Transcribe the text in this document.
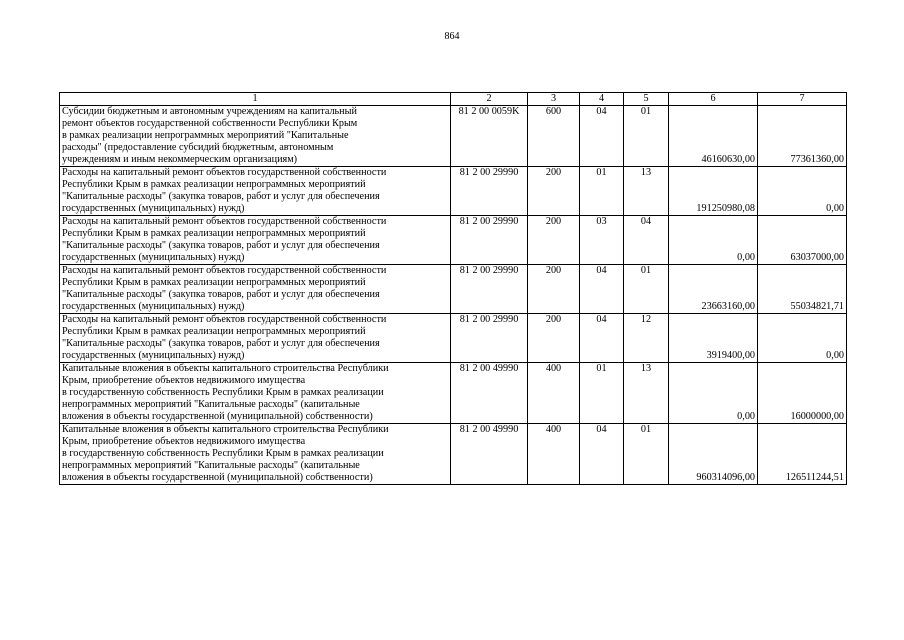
864
1	2	3	4	5	6	7

Субсидии бюджетным и автономным учреждениям на капитальный
ремонт объектов государственной собственности Республики Крым
в рамках реализации непрограммных мероприятий "Капитальные
расходы" (предоставление субсидий бюджетным, автономным
учреждениям и иным некоммерческим организациям)	81 2 00 0059K	600	04	01	46160630,00	77361360,00

Расходы на капитальный ремонт объектов государственной собственности
Республики Крым в рамках реализации непрограммных мероприятий
"Капитальные расходы" (закупка товаров, работ и услуг для обеспечения
государственных (муниципальных) нужд)	81 2 00 29990	200	01	13	191250980,08	0,00

Расходы на капитальный ремонт объектов государственной собственности
Республики Крым в рамках реализации непрограммных мероприятий
"Капитальные расходы" (закупка товаров, работ и услуг для обеспечения
государственных (муниципальных) нужд)	81 2 00 29990	200	03	04	0,00	63037000,00

Расходы на капитальный ремонт объектов государственной собственности
Республики Крым в рамках реализации непрограммных мероприятий
"Капитальные расходы" (закупка товаров, работ и услуг для обеспечения
государственных (муниципальных) нужд)	81 2 00 29990	200	04	01	23663160,00	55034821,71

Расходы на капитальный ремонт объектов государственной собственности
Республики Крым в рамках реализации непрограммных мероприятий
"Капитальные расходы" (закупка товаров, работ и услуг для обеспечения
государственных (муниципальных) нужд)	81 2 00 29990	200	04	12	3919400,00	0,00

Капитальные вложения в объекты капитального строительства Республики
Крым, приобретение объектов недвижимого имущества
в государственную собственность Республики Крым в рамках реализации
непрограммных мероприятий "Капитальные расходы" (капитальные
вложения в объекты государственной (муниципальной) собственности)	81 2 00 49990	400	01	13	0,00	16000000,00

Капитальные вложения в объекты капитального строительства Республики
Крым, приобретение объектов недвижимого имущества
в государственную собственность Республики Крым в рамках реализации
непрограммных мероприятий "Капитальные расходы" (капитальные
вложения в объекты государственной (муниципальной) собственности)	81 2 00 49990	400	04	01	960314096,00	126511244,51
